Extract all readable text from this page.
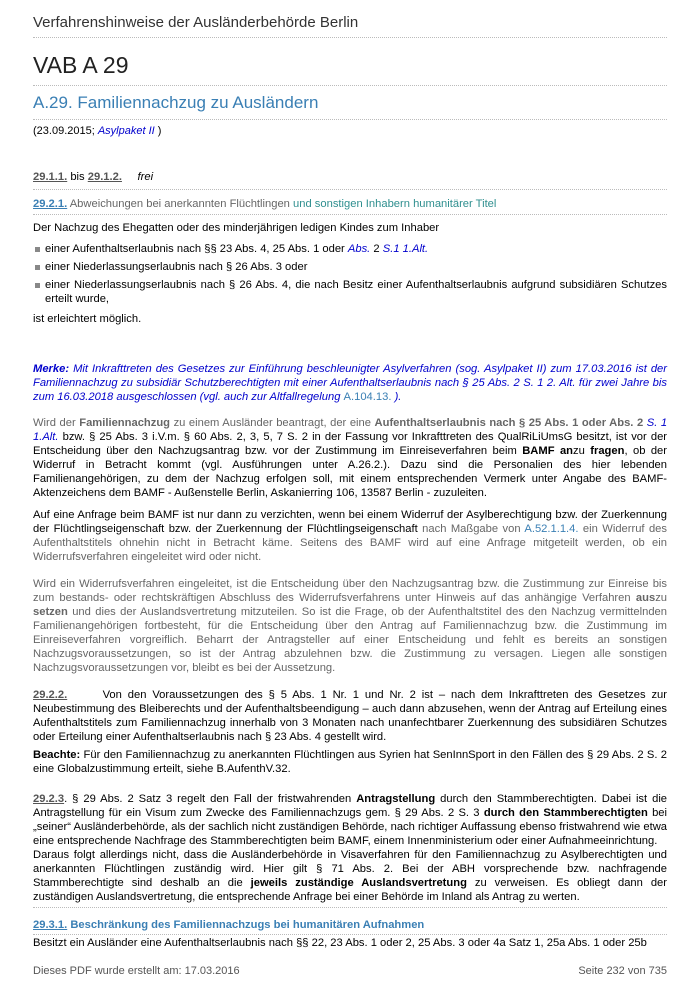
Verfahrenshinweise der Ausländerbehörde Berlin
VAB A 29
A.29. Familiennachzug zu Ausländern
(23.09.2015; Asylpaket II )
29.1.1. bis 29.1.2. frei
29.2.1. Abweichungen bei anerkannten Flüchtlingen und sonstigen Inhabern humanitärer Titel
Der Nachzug des Ehegatten oder des minderjährigen ledigen Kindes zum Inhaber
einer Aufenthaltserlaubnis nach §§ 23 Abs. 4, 25 Abs. 1 oder Abs. 2 S.1 1.Alt.
einer Niederlassungserlaubnis nach § 26 Abs. 3 oder
einer Niederlassungserlaubnis nach § 26 Abs. 4, die nach Besitz einer Aufenthaltserlaubnis aufgrund subsidiären Schutzes erteilt wurde,
ist erleichtert möglich.
Merke: Mit Inkrafttreten des Gesetzes zur Einführung beschleunigter Asylverfahren (sog. Asylpaket II) zum 17.03.2016 ist der Familiennachzug zu subsidiär Schutzberechtigten mit einer Aufenthaltserlaubnis nach § 25 Abs. 2 S. 1 2. Alt. für zwei Jahre bis zum 16.03.2018 ausgeschlossen (vgl. auch zur Altfallregelung A.104.13. ).
Wird der Familiennachzug zu einem Ausländer beantragt, der eine Aufenthaltserlaubnis nach § 25 Abs. 1 oder Abs. 2 S. 1 1.Alt. bzw. § 25 Abs. 3 i.V.m. § 60 Abs. 2, 3, 5, 7 S. 2 in der Fassung vor Inkrafttreten des QualRiLiUmsG besitzt, ist vor der Entscheidung über den Nachzugsantrag bzw. vor der Zustimmung im Einreiseverfahren beim BAMF anzu fragen, ob der Widerruf in Betracht kommt (vgl. Ausführungen unter A.26.2.). Dazu sind die Personalien des hier lebenden Familienangehörigen, zu dem der Nachzug erfolgen soll, mit einem entsprechenden Vermerk unter Angabe des BAMF-Aktenzeichens dem BAMF - Außenstelle Berlin, Askanierring 106, 13587 Berlin - zuzuleiten.
Auf eine Anfrage beim BAMF ist nur dann zu verzichten, wenn bei einem Widerruf der Asylberechtigung bzw. der Zuerkennung der Flüchtlingseigenschaft bzw. der Zuerkennung der Flüchtlingseigenschaft nach Maßgabe von A.52.1.1.4. ein Widerruf des Aufenthaltstitels ohnehin nicht in Betracht käme. Seitens des BAMF wird auf eine Anfrage mitgeteilt werden, ob ein Widerrufsverfahren eingeleitet wird oder nicht.
Wird ein Widerrufsverfahren eingeleitet, ist die Entscheidung über den Nachzugsantrag bzw. die Zustimmung zur Einreise bis zum bestands- oder rechtskräftigen Abschluss des Widerrufsverfahrens unter Hinweis auf das anhängige Verfahren auszu setzen und dies der Auslandsvertretung mitzuteilen. So ist die Frage, ob der Aufenthaltstitel des den Nachzug vermittelnden Familienangehörigen fortbesteht, für die Entscheidung über den Antrag auf Familiennachzug bzw. die Zustimmung im Einreiseverfahren vorgreiflich. Beharrt der Antragsteller auf einer Entscheidung und fehlt es bereits an sonstigen Nachzugsvoraussetzungen, so ist der Antrag abzulehnen bzw. die Zustimmung zu versagen. Liegen alle sonstigen Nachzugsvoraussetzungen vor, bleibt es bei der Aussetzung.
29.2.2.	Von den Voraussetzungen des § 5 Abs. 1 Nr. 1 und Nr. 2 ist – nach dem Inkrafttreten des Gesetzes zur Neubestimmung des Bleiberechts und der Aufenthaltsbeendigung – auch dann abzusehen, wenn der Antrag auf Erteilung eines Aufenthaltstitels zum Familiennachzug innerhalb von 3 Monaten nach unanfechtbarer Zuerkennung des subsidiären Schutzes oder Erteilung einer Aufenthaltserlaubnis nach § 23 Abs. 4 gestellt wird.
Beachte: Für den Familiennachzug zu anerkannten Flüchtlingen aus Syrien hat SenInnSport in den Fällen des § 29 Abs. 2 S. 2 eine Globalzustimmung erteilt, siehe B.AufenthV.32.
29.2.3. § 29 Abs. 2 Satz 3 regelt den Fall der fristwahrenden Antragstellung durch den Stammberechtigten. Dabei ist die Antragstellung für ein Visum zum Zwecke des Familiennachzugs gem. § 29 Abs. 2 S. 3 durch den Stammberechtigten bei „seiner“ Ausländerbehörde, als der sachlich nicht zuständigen Behörde, nach richtiger Auffassung ebenso fristwahrend wie etwa eine entsprechende Nachfrage des Stammberechtigten beim BAMF, einem Innenministerium oder einer Aufnahmeeinrichtung.
Daraus folgt allerdings nicht, dass die Ausländerbehörde in Visaverfahren für den Familiennachzug zu Asylberechtigten und anerkannten Flüchtlingen zuständig wird. Hier gilt § 71 Abs. 2. Bei der ABH vorsprechende bzw. nachfragende Stammberechtigte sind deshalb an die jeweils zuständige Auslandsvertretung zu verweisen. Es obliegt dann der zuständigen Auslandsvertretung, die entsprechende Anfrage bei einer Behörde im Inland als Antrag zu werten.
29.3.1. Beschränkung des Familiennachzugs bei humanitären Aufnahmen
Besitzt ein Ausländer eine Aufenthaltserlaubnis nach §§ 22, 23 Abs. 1 oder 2, 25 Abs. 3 oder 4a Satz 1, 25a Abs. 1 oder 25b
Dieses PDF wurde erstellt am: 17.03.2016	Seite 232 von 735
